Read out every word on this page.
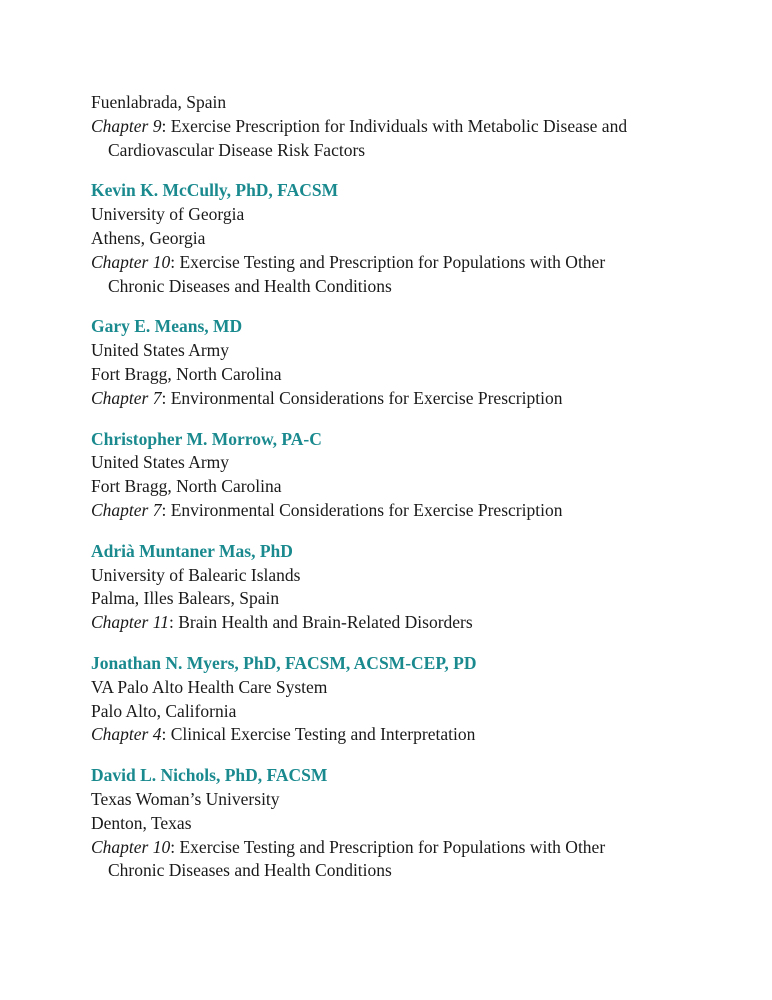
Fuenlabrada, Spain
Chapter 9: Exercise Prescription for Individuals with Metabolic Disease and
Cardiovascular Disease Risk Factors
Kevin K. McCully, PhD, FACSM
University of Georgia
Athens, Georgia
Chapter 10: Exercise Testing and Prescription for Populations with Other
Chronic Diseases and Health Conditions
Gary E. Means, MD
United States Army
Fort Bragg, North Carolina
Chapter 7: Environmental Considerations for Exercise Prescription
Christopher M. Morrow, PA-C
United States Army
Fort Bragg, North Carolina
Chapter 7: Environmental Considerations for Exercise Prescription
Adrià Muntaner Mas, PhD
University of Balearic Islands
Palma, Illes Balears, Spain
Chapter 11: Brain Health and Brain-Related Disorders
Jonathan N. Myers, PhD, FACSM, ACSM-CEP, PD
VA Palo Alto Health Care System
Palo Alto, California
Chapter 4: Clinical Exercise Testing and Interpretation
David L. Nichols, PhD, FACSM
Texas Woman’s University
Denton, Texas
Chapter 10: Exercise Testing and Prescription for Populations with Other
Chronic Diseases and Health Conditions
